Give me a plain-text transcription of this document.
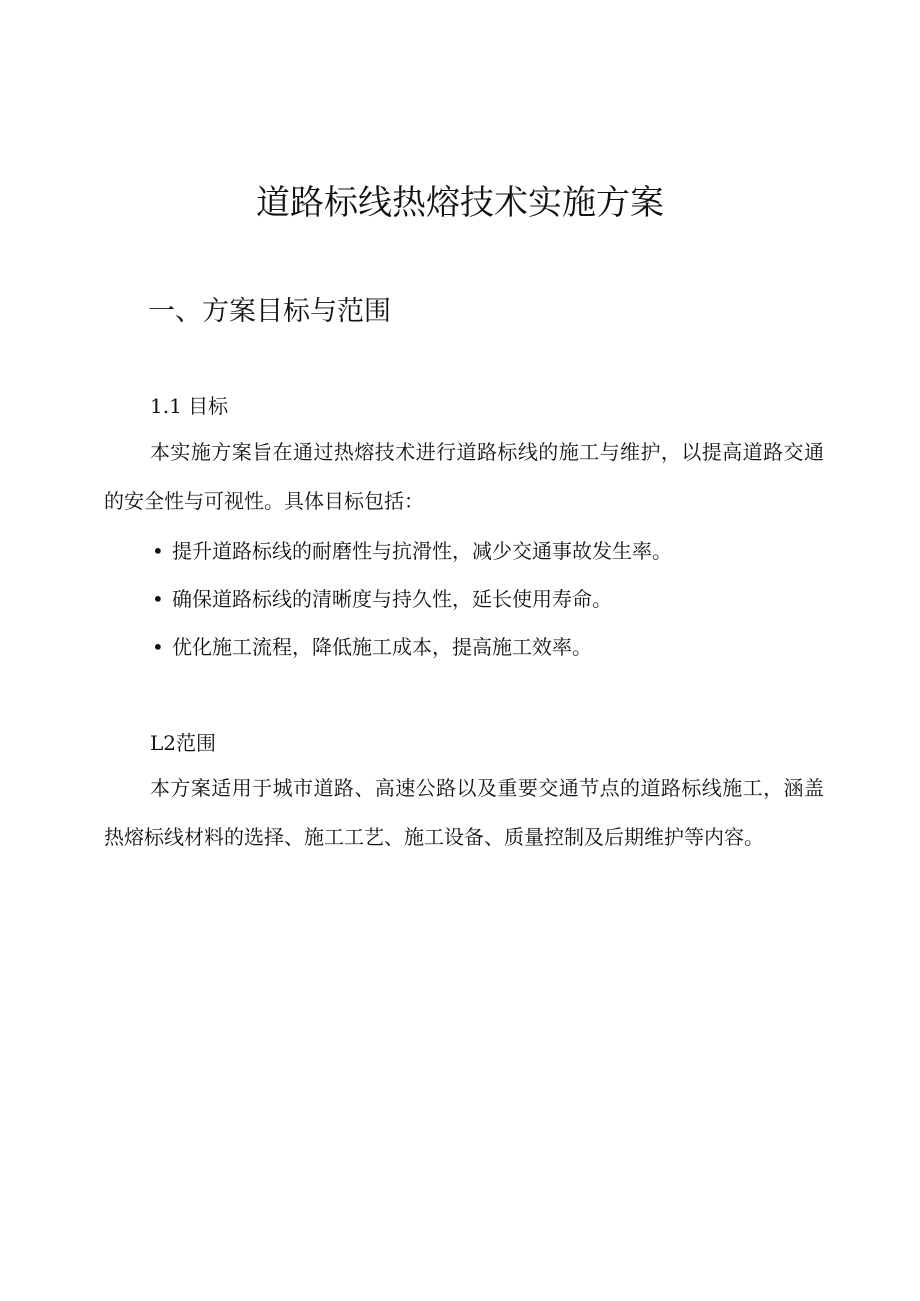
道路标线热熔技术实施方案
一、方案目标与范围
1.1 目标

本实施方案旨在通过热熔技术进行道路标线的施工与维护，以提高道路交通的安全性与可视性。具体目标包括：

• 提升道路标线的耐磨性与抗滑性，减少交通事故发生率。
• 确保道路标线的清晰度与持久性，延长使用寿命。
• 优化施工流程，降低施工成本，提高施工效率。
L2范围

本方案适用于城市道路、高速公路以及重要交通节点的道路标线施工，涵盖热熔标线材料的选择、施工工艺、施工设备、质量控制及后期维护等内容。
